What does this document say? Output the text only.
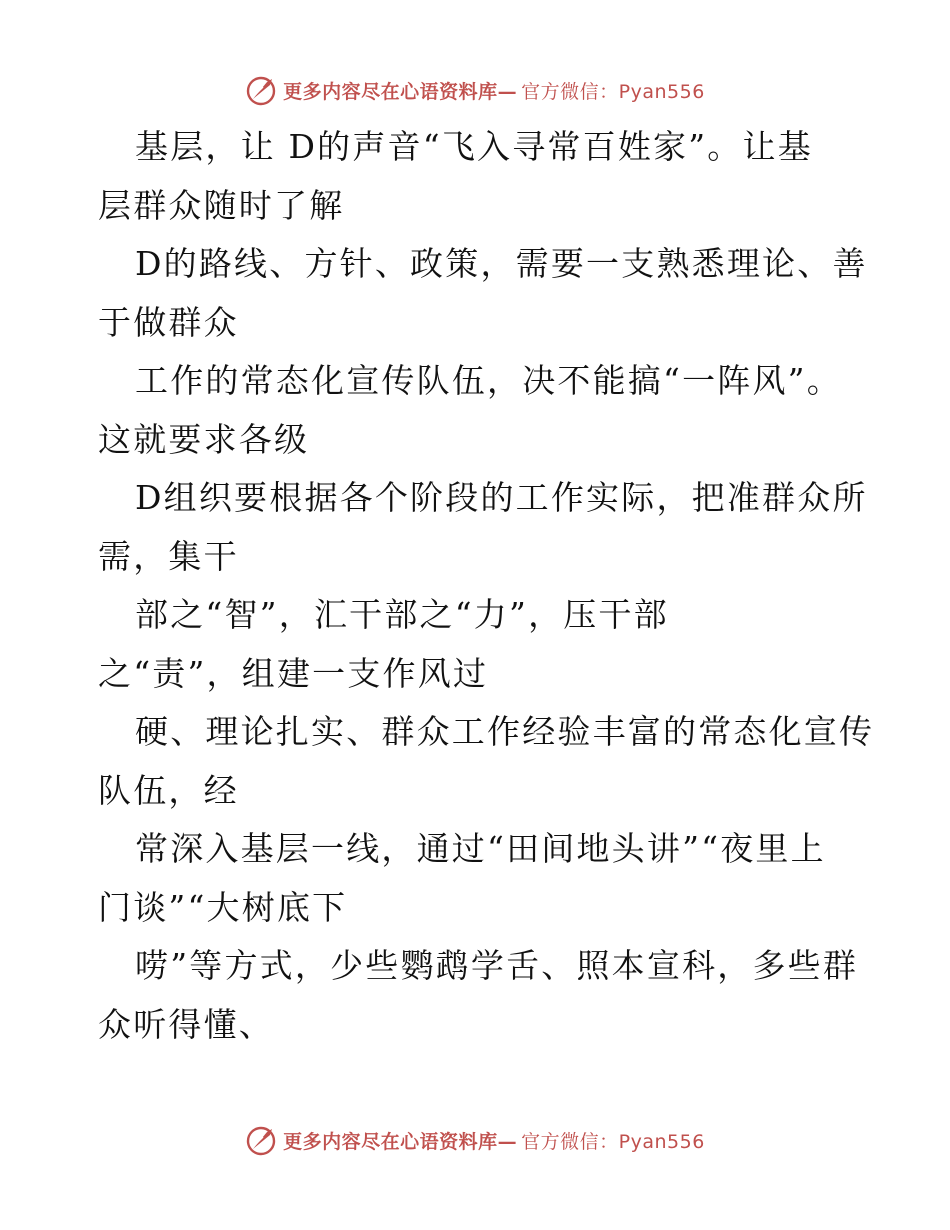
更多内容尽在心语资料库— 官方微信：Pyan556

基层，让 D的声音“飞入寻常百姓家”。让基

层群众随时了解

D的路线、方针、政策，需要一支熟悉理论、善

于做群众

工作的常态化宣传队伍，决不能搞“一阵风”。

这就要求各级

D组织要根据各个阶段的工作实际，把准群众所

需，集干

部之“智”，汇干部之“力”，压干部

之“责”，组建一支作风过

硬、理论扎实、群众工作经验丰富的常态化宣传

队伍，经

常深入基层一线，通过“田间地头讲”“夜里上

门谈”“大树底下

唠”等方式，少些鹦鹉学舌、照本宣科，多些群

众听得懂、

更多内容尽在心语资料库— 官方微信：Pyan556
